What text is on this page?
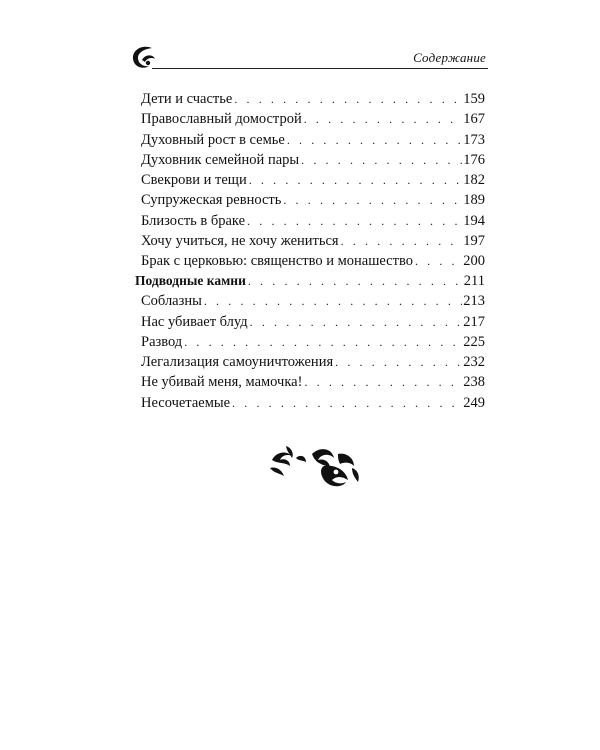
Содержание
Дети и счастье . . .	159
Православный домострой . . .	167
Духовный рост в семье . . .	173
Духовник семейной пары . . .	176
Свекрови и тещи . . .	182
Супружеская ревность . . .	189
Близость в браке . . .	194
Хочу учиться, не хочу жениться . . .	197
Брак с церковью: священство и монашество . . .	200
Подводные камни . . .	211
Соблазны . . .	213
Нас убивает блуд . . .	217
Развод . . .	225
Легализация самоуничтожения . . .	232
Не убивай меня, мамочка! . . .	238
Несочетаемые . . .	249
